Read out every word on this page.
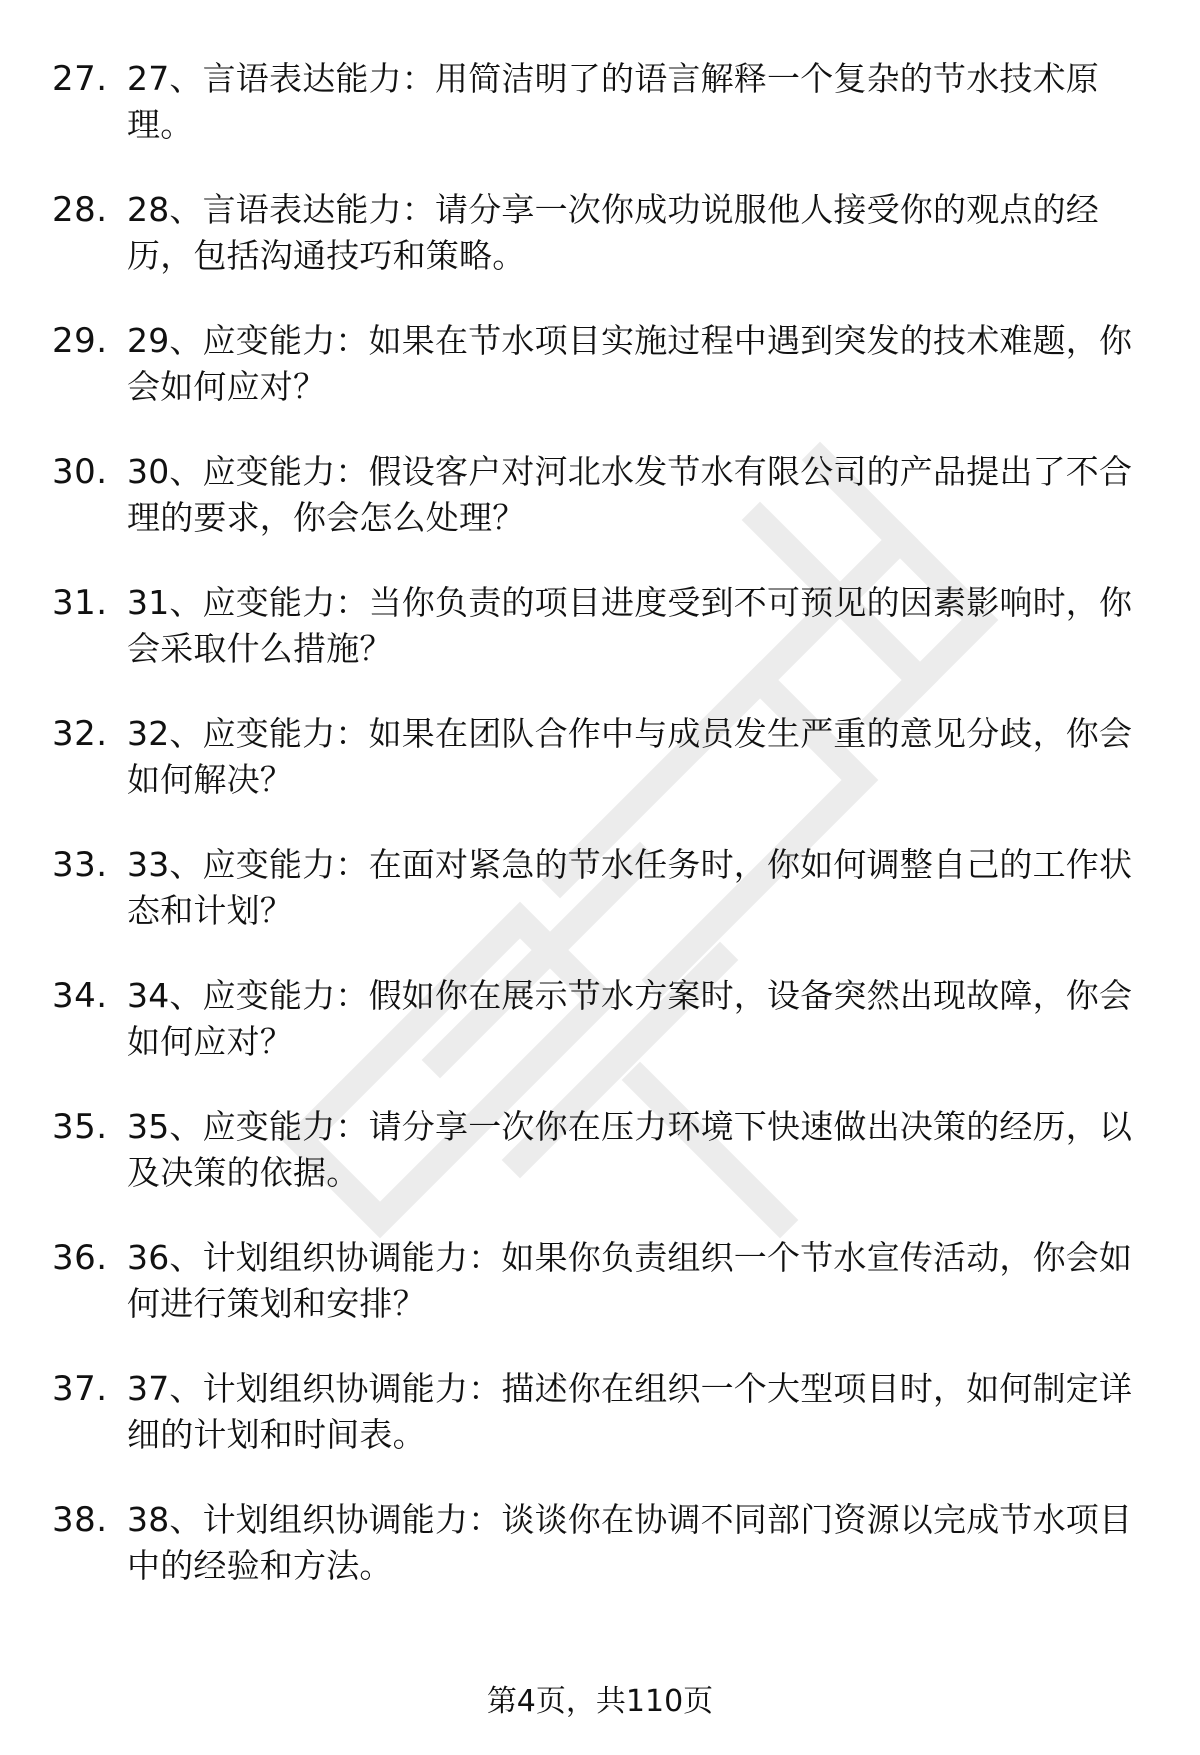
27. 27、言语表达能力：用简洁明了的语言解释一个复杂的节水技术原理。
28. 28、言语表达能力：请分享一次你成功说服他人接受你的观点的经历，包括沟通技巧和策略。
29. 29、应变能力：如果在节水项目实施过程中遇到突发的技术难题，你会如何应对？
30. 30、应变能力：假设客户对河北水发节水有限公司的产品提出了不合理的要求，你会怎么处理？
31. 31、应变能力：当你负责的项目进度受到不可预见的因素影响时，你会采取什么措施？
32. 32、应变能力：如果在团队合作中与成员发生严重的意见分歧，你会如何解决？
33. 33、应变能力：在面对紧急的节水任务时，你如何调整自己的工作状态和计划？
34. 34、应变能力：假如你在展示节水方案时，设备突然出现故障，你会如何应对？
35. 35、应变能力：请分享一次你在压力环境下快速做出决策的经历，以及决策的依据。
36. 36、计划组织协调能力：如果你负责组织一个节水宣传活动，你会如何进行策划和安排？
37. 37、计划组织协调能力：描述你在组织一个大型项目时，如何制定详细的计划和时间表。
38. 38、计划组织协调能力：谈谈你在协调不同部门资源以完成节水项目中的经验和方法。
第4页，共110页
